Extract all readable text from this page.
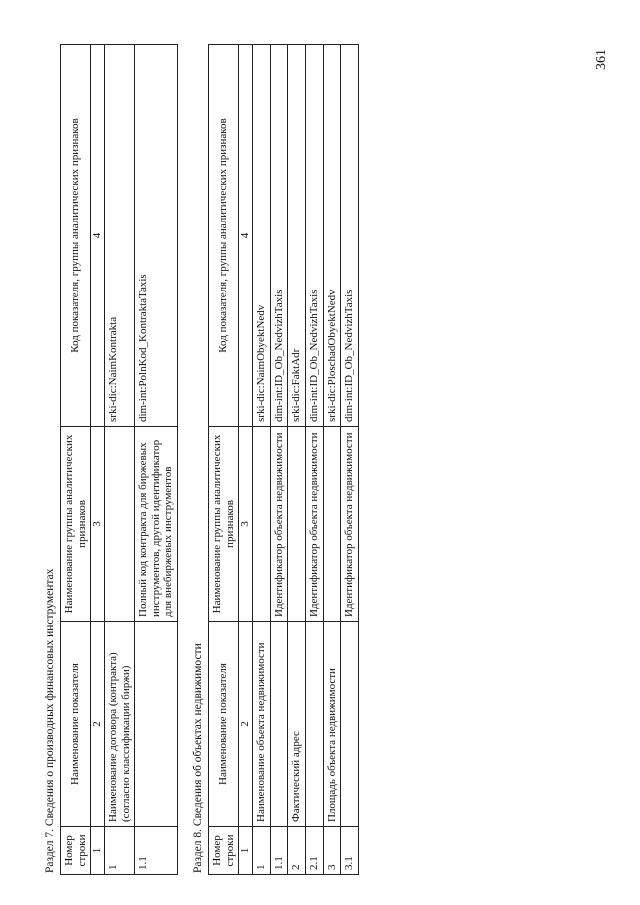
361
Раздел 7. Сведения о производных финансовых инструментах Номер строки	Наименование показателя	Наименование группы аналитических признаков	Код показателя, группы аналитических признаков
1	2	3	4
1	Наименование договора (контракта) (согласно классификации биржи)		srki-dic:NaimKontrakta
1.1		Полный код контракта для биржевых инструментов, другой идентификатор для внебиржевых инструментов	dim-int:PolnKod_KontraktaTaxis
Раздел 8. Сведения об объектах недвижимости Номер строки	Наименование показателя	Наименование группы аналитических признаков	Код показателя, группы аналитических признаков
1	2	3	4
1	Наименование объекта недвижимости		srki-dic:NaimObyektNedv
1.1		Идентификатор объекта недвижимости	dim-int:ID_Ob_NedvizhTaxis
2	Фактический адрес		srki-dic:FaktAdr
2.1		Идентификатор объекта недвижимости	dim-int:ID_Ob_NedvizhTaxis
3	Площадь объекта недвижимости		srki-dic:PloschadObyektNedv
3.1		Идентификатор объекта недвижимости	dim-int:ID_Ob_NedvizhTaxis
